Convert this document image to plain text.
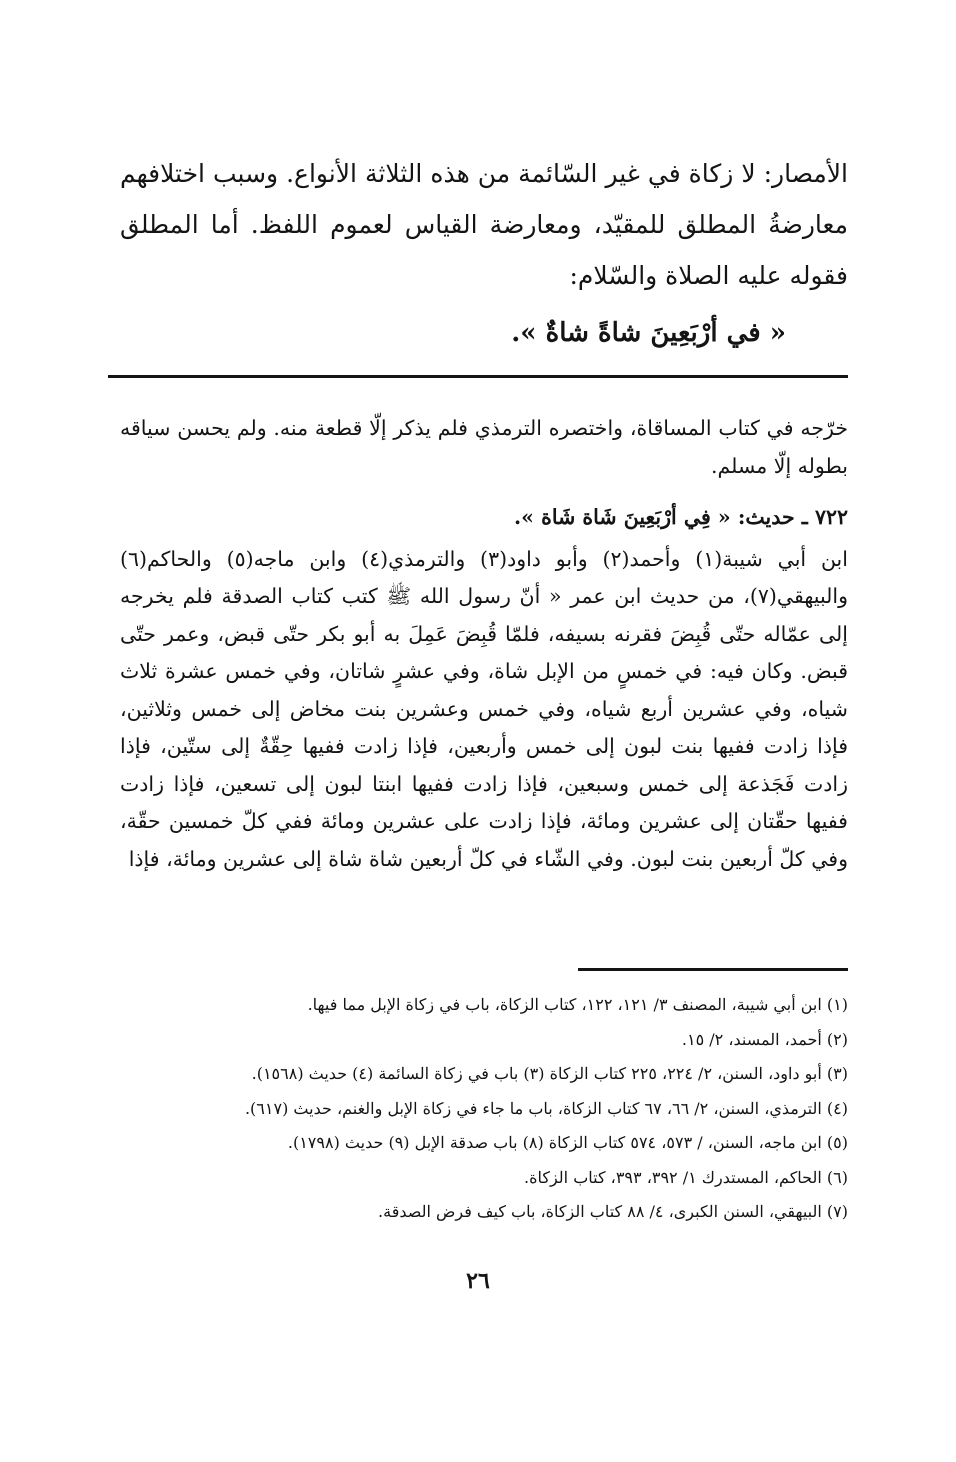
الأمصار: لا زكاة في غير السّائمة من هذه الثلاثة الأنواع. وسبب اختلافهم معارضةُ المطلق للمقيّد، ومعارضة القياس لعموم اللفظ. أما المطلق فقوله عليه الصلاة والسّلام:

« في أرْبَعِينَ شاةً شاةٌ ».

خرّجه في كتاب المساقاة، واختصره الترمذي فلم يذكر إلّا قطعة منه. ولم يحسن سياقه بطوله إلّا مسلم.

٧٢٢ ـ حديث: « فِي أرْبَعِينَ شَاة شَاة ».

ابن أبي شيبة(١) وأحمد(٢) وأبو داود(٣) والترمذي(٤) وابن ماجه(٥) والحاكم(٦) والبيهقي(٧)، من حديث ابن عمر « أنّ رسول الله ﷺ كتب كتاب الصدقة فلم يخرجه إلى عمّاله حتّى قُبِضَ فقرنه بسيفه، فلمّا قُبِضَ عَمِلَ به أبو بكر حتّى قبض، وعمر حتّى قبض. وكان فيه: في خمسٍ من الإبل شاة، وفي عشرٍ شاتان، وفي خمس عشرة ثلاث شياه، وفي عشرين أربع شياه، وفي خمس وعشرين بنت مخاض إلى خمس وثلاثين، فإذا زادت ففيها بنت لبون إلى خمس وأربعين، فإذا زادت ففيها حِقّةٌ إلى ستّين، فإذا زادت فَجَذعة إلى خمس وسبعين، فإذا زادت ففيها ابنتا لبون إلى تسعين، فإذا زادت ففيها حقّتان إلى عشرين ومائة، فإذا زادت على عشرين ومائة ففي كلّ خمسين حقّة، وفي كلّ أربعين بنت لبون. وفي الشّاء في كلّ أربعين شاة شاة إلى عشرين ومائة، فإذا

(١) ابن أبي شيبة، المصنف ٣/ ١٢١، ١٢٢، كتاب الزكاة، باب في زكاة الإبل مما فيها.
(٢) أحمد، المسند، ٢/ ١٥.
(٣) أبو داود، السنن، ٢/ ٢٢٤، ٢٢٥ كتاب الزكاة (٣) باب في زكاة السائمة (٤) حديث (١٥٦٨).
(٤) الترمذي، السنن، ٢/ ٦٦، ٦٧ كتاب الزكاة، باب ما جاء في زكاة الإبل والغنم، حديث (٦١٧).
(٥) ابن ماجه، السنن، / ٥٧٣، ٥٧٤ كتاب الزكاة (٨) باب صدقة الإبل (٩) حديث (١٧٩٨).
(٦) الحاكم، المستدرك ١/ ٣٩٢، ٣٩٣، كتاب الزكاة.
(٧) البيهقي، السنن الكبرى، ٤/ ٨٨ كتاب الزكاة، باب كيف فرض الصدقة.
٢٦
